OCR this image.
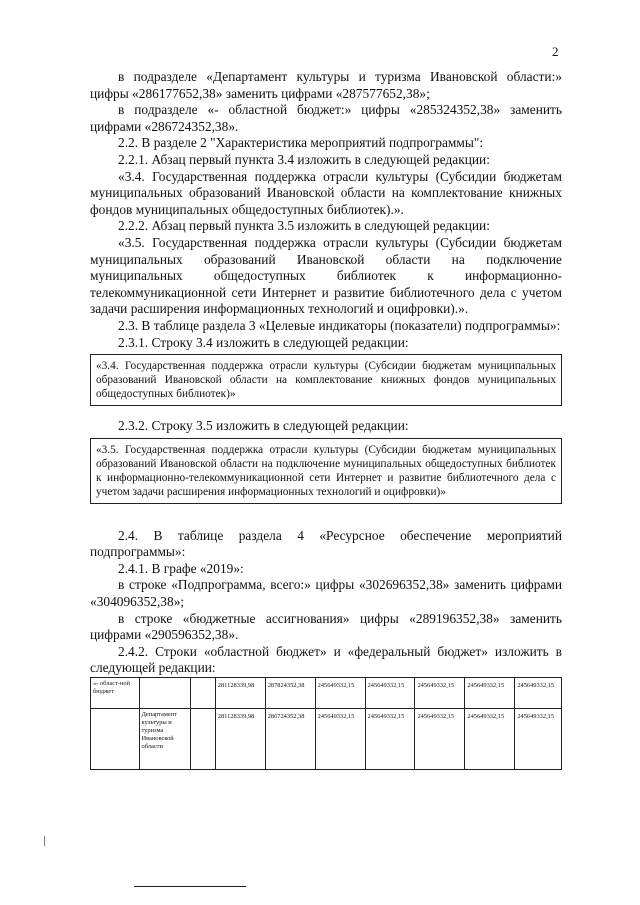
2

в подразделе «Департамент культуры и туризма Ивановской области:» цифры «286177652,38» заменить цифрами «287577652,38»;

в подразделе «- областной бюджет:» цифры «285324352,38» заменить цифрами «286724352,38».

2.2. В разделе 2 "Характеристика мероприятий подпрограммы":

2.2.1. Абзац первый пункта 3.4 изложить в следующей редакции:

«3.4. Государственная поддержка отрасли культуры (Субсидии бюджетам муниципальных образований Ивановской области на комплектование книжных фондов муниципальных общедоступных библиотек).».

2.2.2. Абзац первый пункта 3.5 изложить в следующей редакции:

«3.5. Государственная поддержка отрасли культуры (Субсидии бюджетам муниципальных образований Ивановской области на подключение муниципальных общедоступных библиотек к информационно-телекоммуникационной сети Интернет и развитие библиотечного дела с учетом задачи расширения информационных технологий и оцифровки).».

2.3. В таблице раздела 3 «Целевые индикаторы (показатели) подпрограммы»:

2.3.1. Строку 3.4 изложить в следующей редакции:

«3.4. Государственная поддержка отрасли культуры (Субсидии бюджетам муниципальных образований Ивановской области на комплектование книжных фондов муниципальных общедоступных библиотек)»

2.3.2. Строку 3.5 изложить в следующей редакции:

«3.5. Государственная поддержка отрасли культуры (Субсидии бюджетам муниципальных образований Ивановской области на подключение муниципальных общедоступных библиотек к информационно-телекоммуникационной сети Интернет и развитие библиотечного дела с учетом задачи расширения информационных технологий и оцифровки)»

2.4. В таблице раздела 4 «Ресурсное обеспечение мероприятий подпрограммы»:

2.4.1. В графе «2019»:

в строке «Подпрограмма, всего:» цифры «302696352,38» заменить цифрами «304096352,38»;

в строке «бюджетные ассигнования» цифры «289196352,38» заменить цифрами «290596352,38».

2.4.2. Строки «областной бюджет» и «федеральный бюджет» изложить в следующей редакции:

«- област-ной бюджет			281128339,98	287824352,38	245649332,15	245649332,15	245649332,15	245649332,15	245649332,15
	Департамент культуры и туризма Ивановской области		281128339,98	286724352,38	245649332,15	245649332,15	245649332,15	245649332,15	245649332,15
